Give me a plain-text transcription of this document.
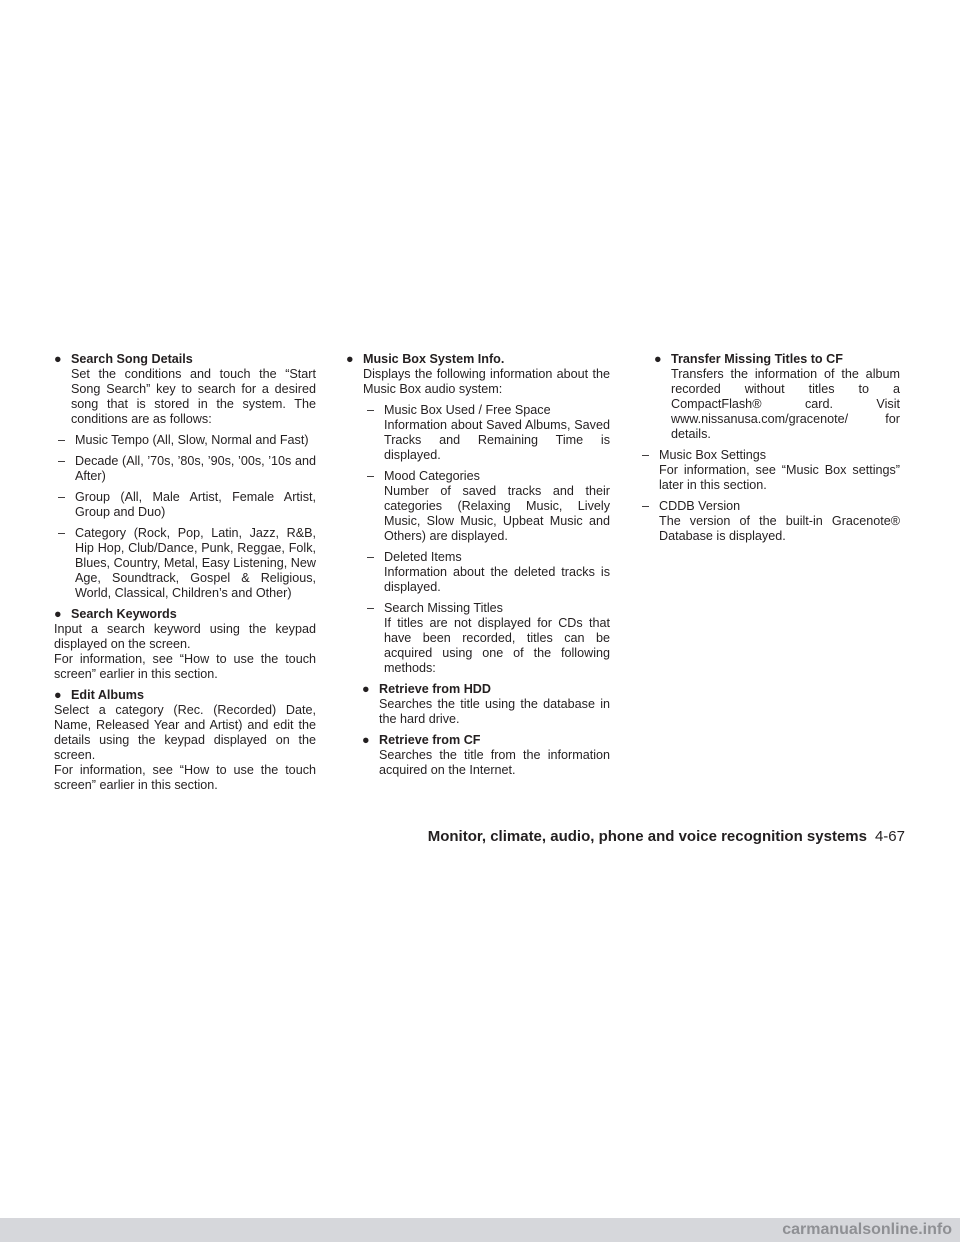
● Search Song Details
Set the conditions and touch the “Start Song Search” key to search for a desired song that is stored in the system. The conditions are as follows:
– Music Tempo (All, Slow, Normal and Fast)
– Decade (All, ’70s, ’80s, ’90s, ’00s, ’10s and After)
– Group (All, Male Artist, Female Artist, Group and Duo)
– Category (Rock, Pop, Latin, Jazz, R&B, Hip Hop, Club/Dance, Punk, Reggae, Folk, Blues, Country, Metal, Easy Listening, New Age, Soundtrack, Gospel & Religious, World, Classical, Children’s and Other)
● Search Keywords
Input a search keyword using the keypad displayed on the screen.
For information, see “How to use the touch screen” earlier in this section.
● Edit Albums
Select a category (Rec. (Recorded) Date, Name, Released Year and Artist) and edit the details using the keypad displayed on the screen.
For information, see “How to use the touch screen” earlier in this section.
● Music Box System Info.
Displays the following information about the Music Box audio system:
– Music Box Used / Free Space
Information about Saved Albums, Saved Tracks and Remaining Time is displayed.
– Mood Categories
Number of saved tracks and their categories (Relaxing Music, Lively Music, Slow Music, Upbeat Music and Others) are displayed.
– Deleted Items
Information about the deleted tracks is displayed.
– Search Missing Titles
If titles are not displayed for CDs that have been recorded, titles can be acquired using one of the following methods:
● Retrieve from HDD
Searches the title using the database in the hard drive.
● Retrieve from CF
Searches the title from the information acquired on the Internet.
● Transfer Missing Titles to CF
Transfers the information of the album recorded without titles to a CompactFlash® card. Visit www.nissanusa.com/gracenote/ for details.
– Music Box Settings
For information, see “Music Box settings” later in this section.
– CDDB Version
The version of the built-in Gracenote® Database is displayed.
Monitor, climate, audio, phone and voice recognition systems 4-67
carmanualsonline.info
